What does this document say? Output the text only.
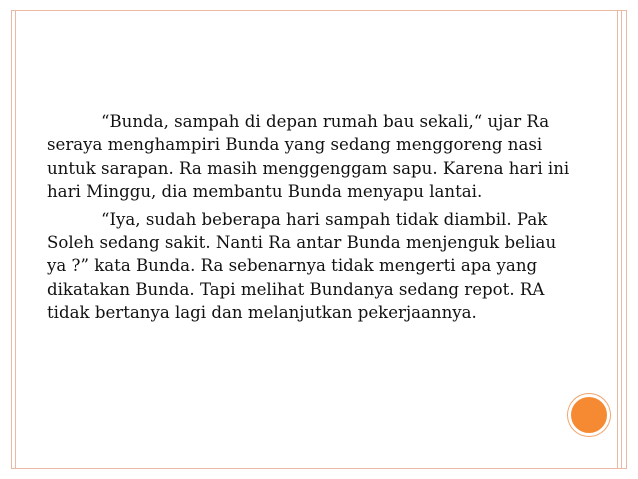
“Bunda, sampah di depan rumah bau sekali,“ ujar Ra
seraya menghampiri Bunda yang sedang menggoreng nasi
untuk sarapan. Ra masih menggenggam sapu. Karena hari ini
hari Minggu, dia membantu Bunda menyapu lantai.

“Iya, sudah beberapa hari sampah tidak diambil. Pak
Soleh sedang sakit. Nanti Ra antar Bunda menjenguk beliau
ya ?” kata Bunda. Ra sebenarnya tidak mengerti apa yang
dikatakan Bunda. Tapi melihat Bundanya sedang repot. RA
tidak bertanya lagi dan melanjutkan pekerjaannya.
